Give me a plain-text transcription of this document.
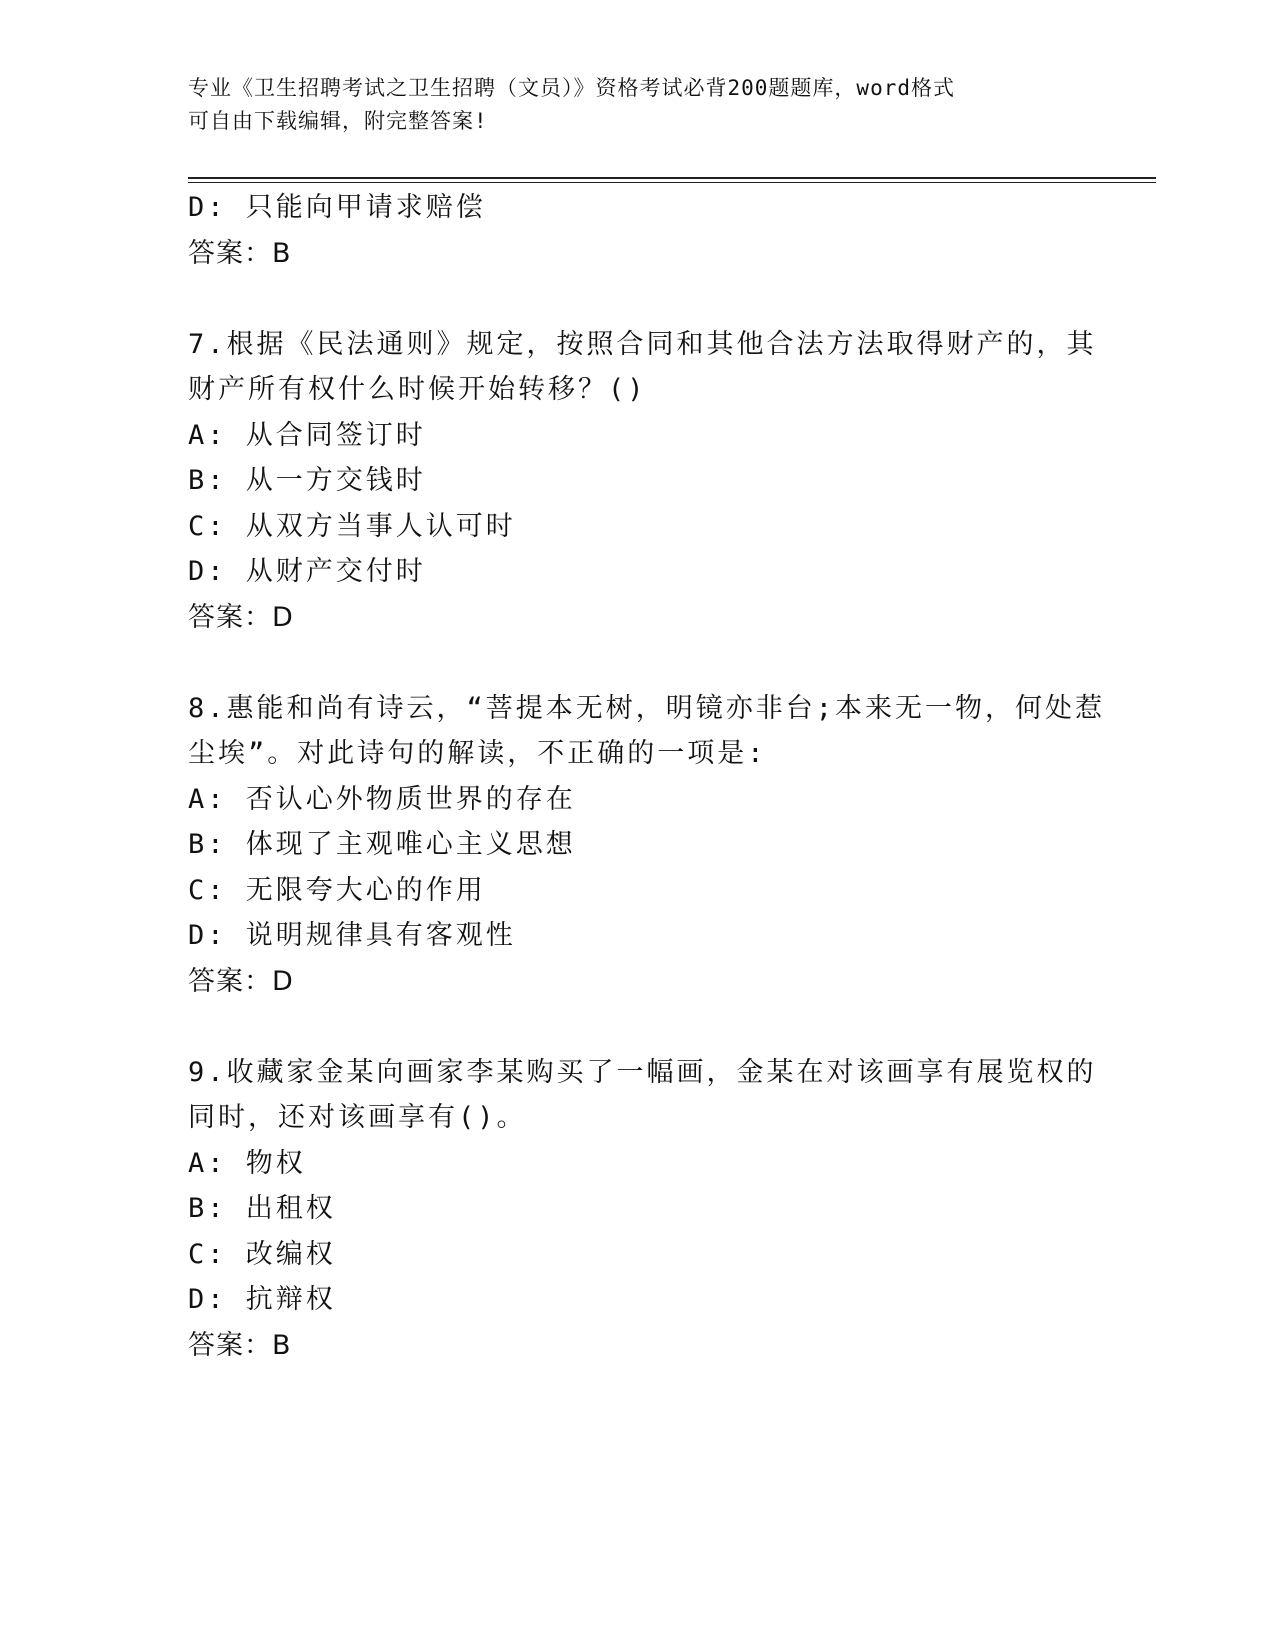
专业《卫生招聘考试之卫生招聘（文员）》资格考试必背200题题库，word格式
可自由下载编辑，附完整答案!
D: 只能向甲请求赔偿
答案：B
7.根据《民法通则》规定，按照合同和其他合法方法取得财产的，其
财产所有权什么时候开始转移？()
A: 从合同签订时
B: 从一方交钱时
C: 从双方当事人认可时
D: 从财产交付时
答案：D
8.惠能和尚有诗云，“菩提本无树，明镜亦非台;本来无一物，何处惹
尘埃”。对此诗句的解读，不正确的一项是:
A: 否认心外物质世界的存在
B: 体现了主观唯心主义思想
C: 无限夸大心的作用
D: 说明规律具有客观性
答案：D
9.收藏家金某向画家李某购买了一幅画，金某在对该画享有展览权的
同时，还对该画享有()。
A: 物权
B: 出租权
C: 改编权
D: 抗辩权
答案：B
